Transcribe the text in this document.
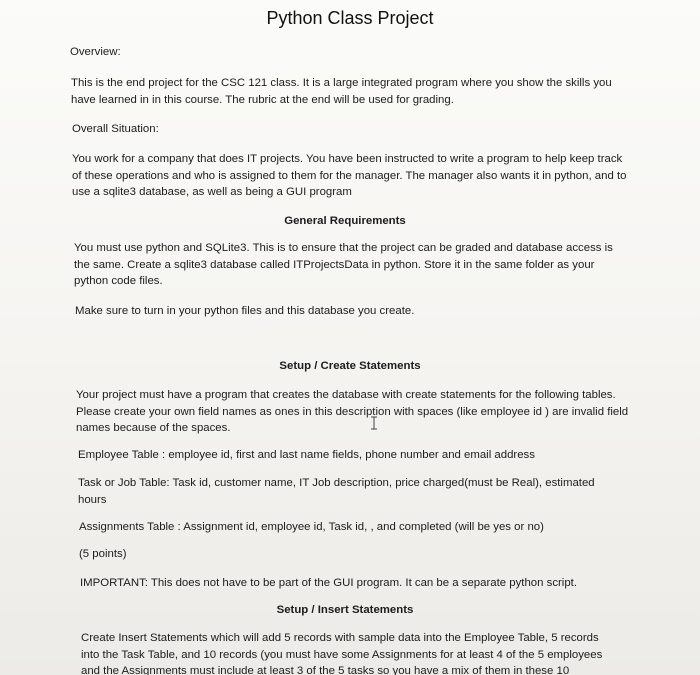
Python Class Project

Overview:

This is the end project for the CSC 121 class. It is a large integrated program where you show the skills you have learned in in this course. The rubric at the end will be used for grading.

Overall Situation:

You work for a company that does IT projects. You have been instructed to write a program to help keep track of these operations and who is assigned to them for the manager. The manager also wants it in python, and to use a sqlite3 database, as well as being a GUI program

General Requirements

You must use python and SQLite3. This is to ensure that the project can be graded and database access is the same. Create a sqlite3 database called ITProjectsData in python. Store it in the same folder as your python code files.

Make sure to turn in your python files and this database you create.

Setup / Create Statements

Your project must have a program that creates the database with create statements for the following tables. Please create your own field names as ones in this description with spaces (like employee id ) are invalid field names because of the spaces.

Employee Table : employee id, first and last name fields, phone number and email address

Task or Job Table: Task id, customer name, IT Job description, price charged(must be Real), estimated hours

Assignments Table : Assignment id, employee id, Task id, , and completed (will be yes or no)

(5 points)

IMPORTANT: This does not have to be part of the GUI program. It can be a separate python script.

Setup / Insert Statements

Create Insert Statements which will add 5 records with sample data into the Employee Table, 5 records into the Task Table, and 10 records (you must have some Assignments for at least 4 of the 5 employees and the Assignments must include at least 3 of the 5 tasks so you have a mix of them in these 10
